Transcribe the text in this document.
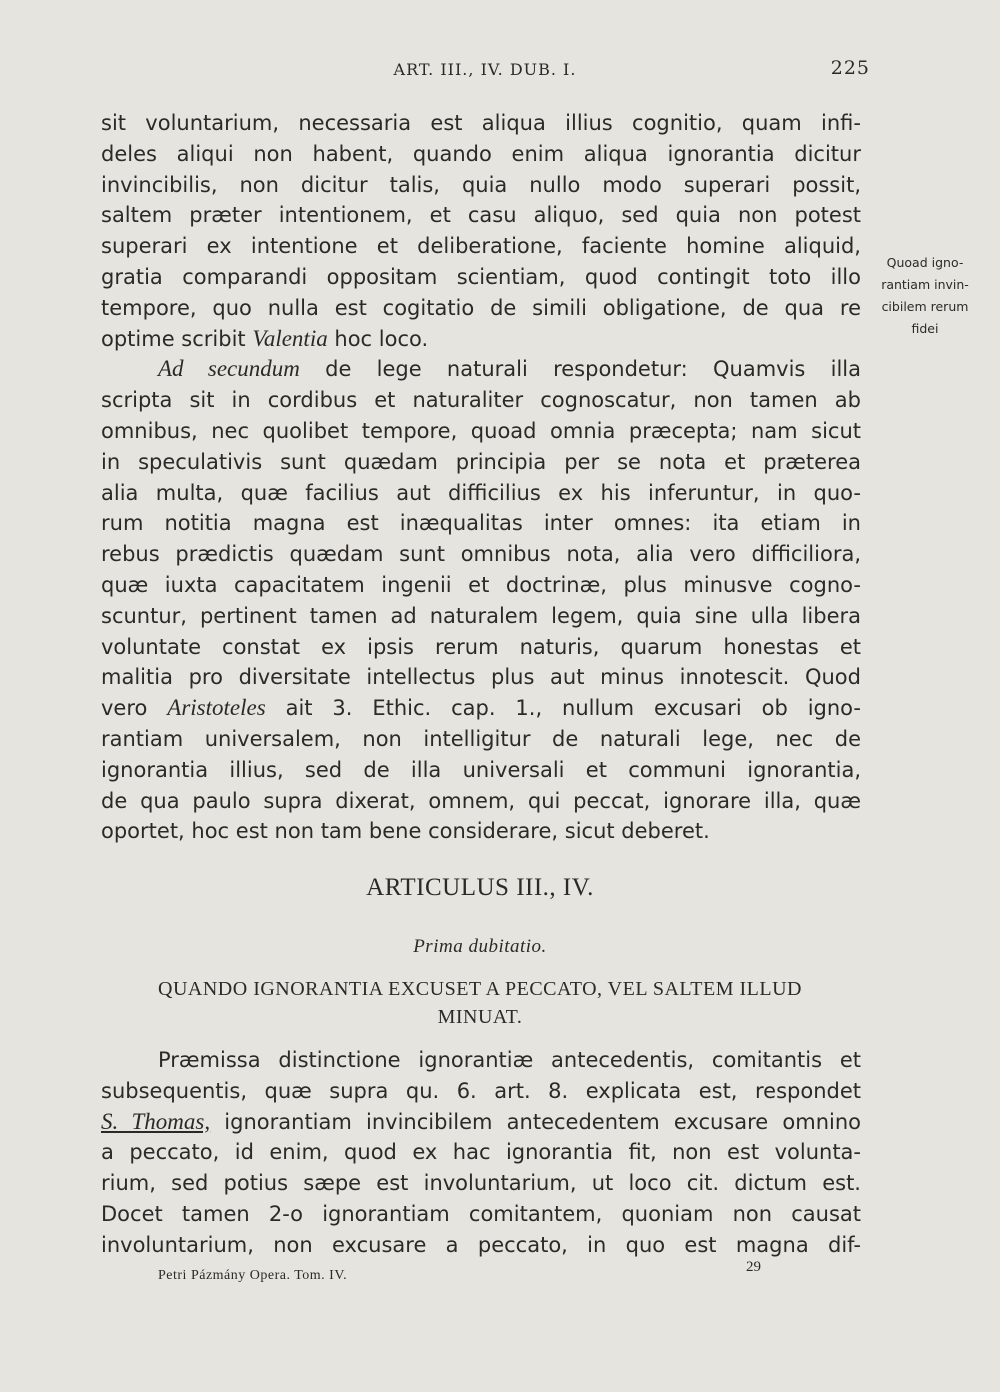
ART. III., IV. DUB. I.	225
Quoad igno-
rantiam invin-
cibilem rerum
fidei
sit voluntarium, necessaria est aliqua illius cognitio, quam infi-
deles aliqui non habent, quando enim aliqua ignorantia dicitur
invincibilis, non dicitur talis, quia nullo modo superari possit,
saltem præter intentionem, et casu aliquo, sed quia non potest
superari ex intentione et deliberatione, faciente homine aliquid,
gratia comparandi oppositam scientiam, quod contingit toto illo
tempore, quo nulla est cogitatio de simili obligatione, de qua re
optime scribit Valentia hoc loco.
Ad secundum de lege naturali respondetur: Quamvis illa
scripta sit in cordibus et naturaliter cognoscatur, non tamen ab
omnibus, nec quolibet tempore, quoad omnia præcepta; nam sicut
in speculativis sunt quædam principia per se nota et præterea
alia multa, quæ facilius aut difficilius ex his inferuntur, in quo-
rum notitia magna est inæqualitas inter omnes: ita etiam in
rebus prædictis quædam sunt omnibus nota, alia vero difficiliora,
quæ iuxta capacitatem ingenii et doctrinæ, plus minusve cogno-
scuntur, pertinent tamen ad naturalem legem, quia sine ulla libera
voluntate constat ex ipsis rerum naturis, quarum honestas et
malitia pro diversitate intellectus plus aut minus innotescit. Quod
vero Aristoteles ait 3. Ethic. cap. 1., nullum excusari ob igno-
rantiam universalem, non intelligitur de naturali lege, nec de
ignorantia illius, sed de illa universali et communi ignorantia,
de qua paulo supra dixerat, omnem, qui peccat, ignorare illa, quæ
oportet, hoc est non tam bene considerare, sicut deberet.
ARTICULUS III., IV.
Prima dubitatio.
QUANDO IGNORANTIA EXCUSET A PECCATO, VEL SALTEM ILLUD
MINUAT.
Præmissa distinctione ignorantiæ antecedentis, comitantis et
subsequentis, quæ supra qu. 6. art. 8. explicata est, respondet
S. Thomas, ignorantiam invincibilem antecedentem excusare omnino
a peccato, id enim, quod ex hac ignorantia fit, non est volunta-
rium, sed potius sæpe est involuntarium, ut loco cit. dictum est.
Docet tamen 2-o ignorantiam comitantem, quoniam non causat
involuntarium, non excusare a peccato, in quo est magna dif-
Petri Pázmány Opera. Tom. IV.
29
